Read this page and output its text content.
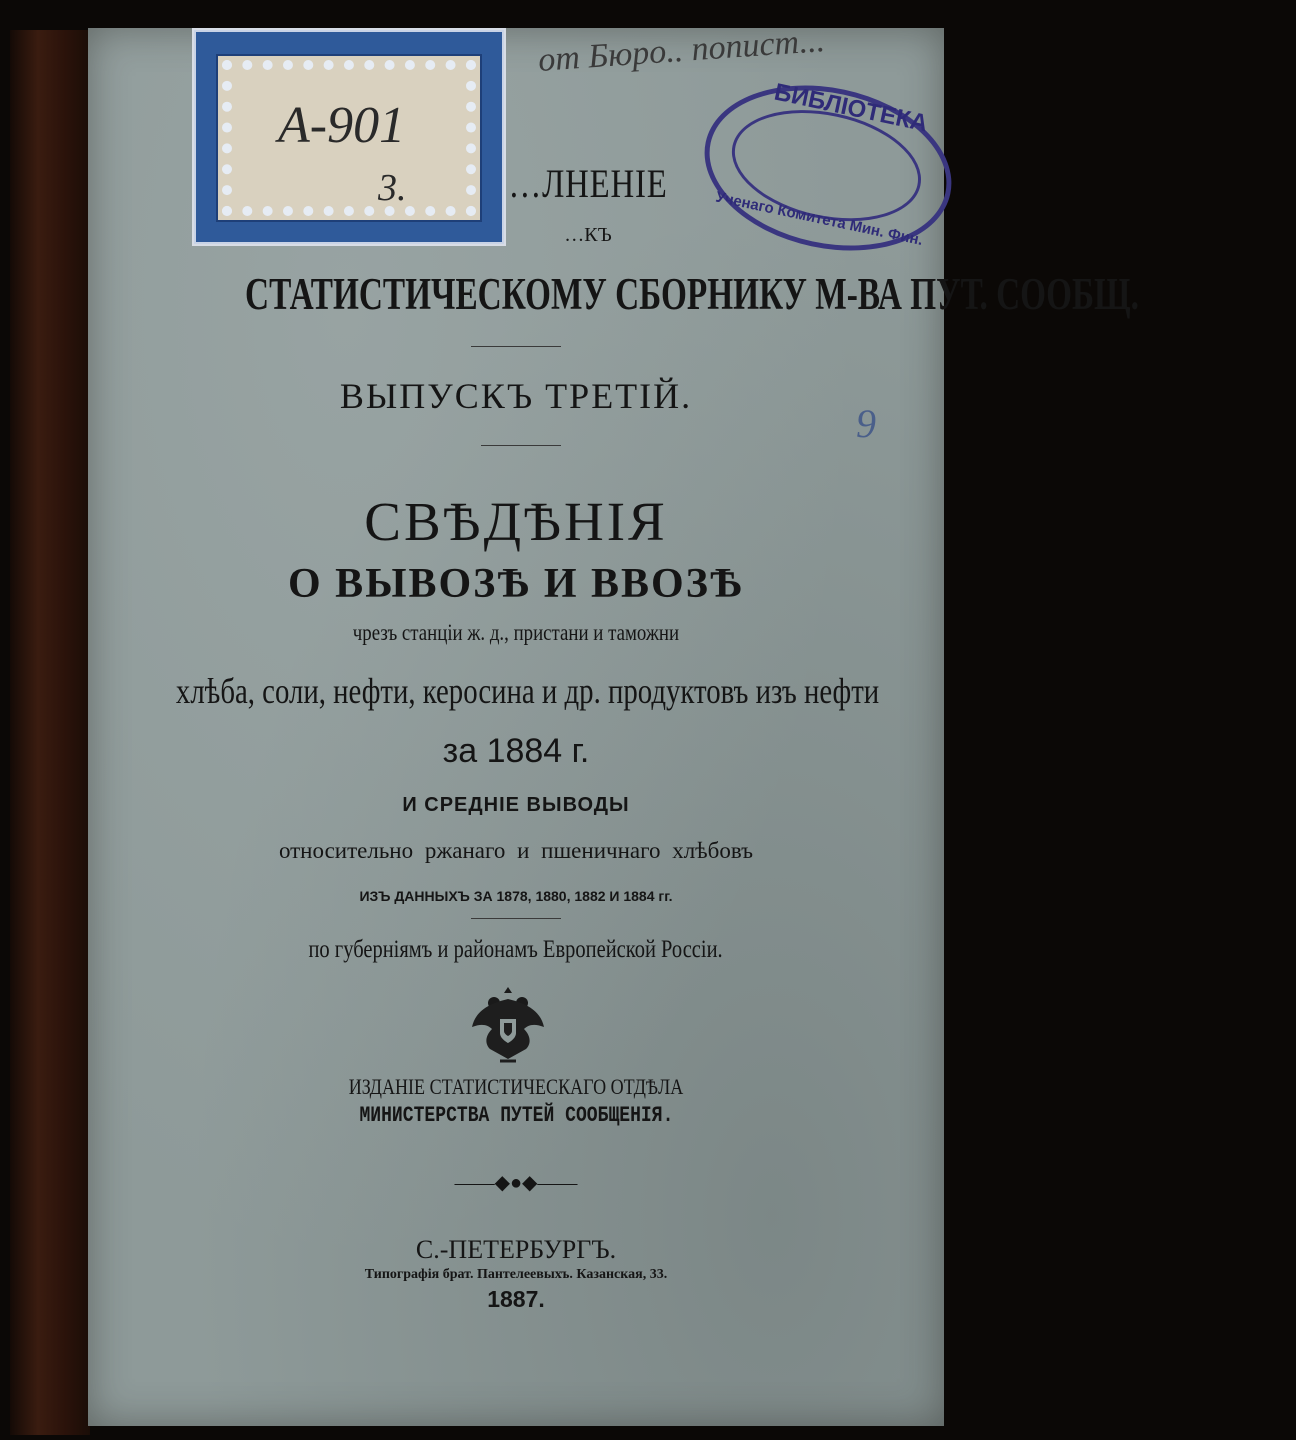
от Бюро.. попист...
А-901
3.
БИБЛІОТЕКА
Ученаго Комитета Мин. Фин.
…ЛНЕНІЕ
…КЪ
СТАТИСТИЧЕСКОМУ СБОРНИКУ М-ВА ПУТ. СООБЩ.
ВЫПУСКЪ ТРЕТІЙ.
СВѢДѢНІЯ
О ВЫВОЗѢ И ВВОЗѢ
чрезъ станціи ж. д., пристани и таможни
хлѣба, соли, нефти, керосина и др. продуктовъ изъ нефти
за 1884 г.
И СРЕДНІЕ ВЫВОДЫ
относительно ржанаго и пшеничнаго хлѣбовъ
ИЗЪ ДАННЫХЪ ЗА 1878, 1880, 1882 И 1884 гг.
по губерніямъ и районамъ Европейской Россіи.
ИЗДАНІЕ СТАТИСТИЧЕСКАГО ОТДѢЛА
МИНИСТЕРСТВА ПУТЕЙ СООБЩЕНІЯ.
——◆●◆——
С.-ПЕТЕРБУРГЪ.
Типографія брат. Пантелеевыхъ. Казанская, 33.
1887.
9
